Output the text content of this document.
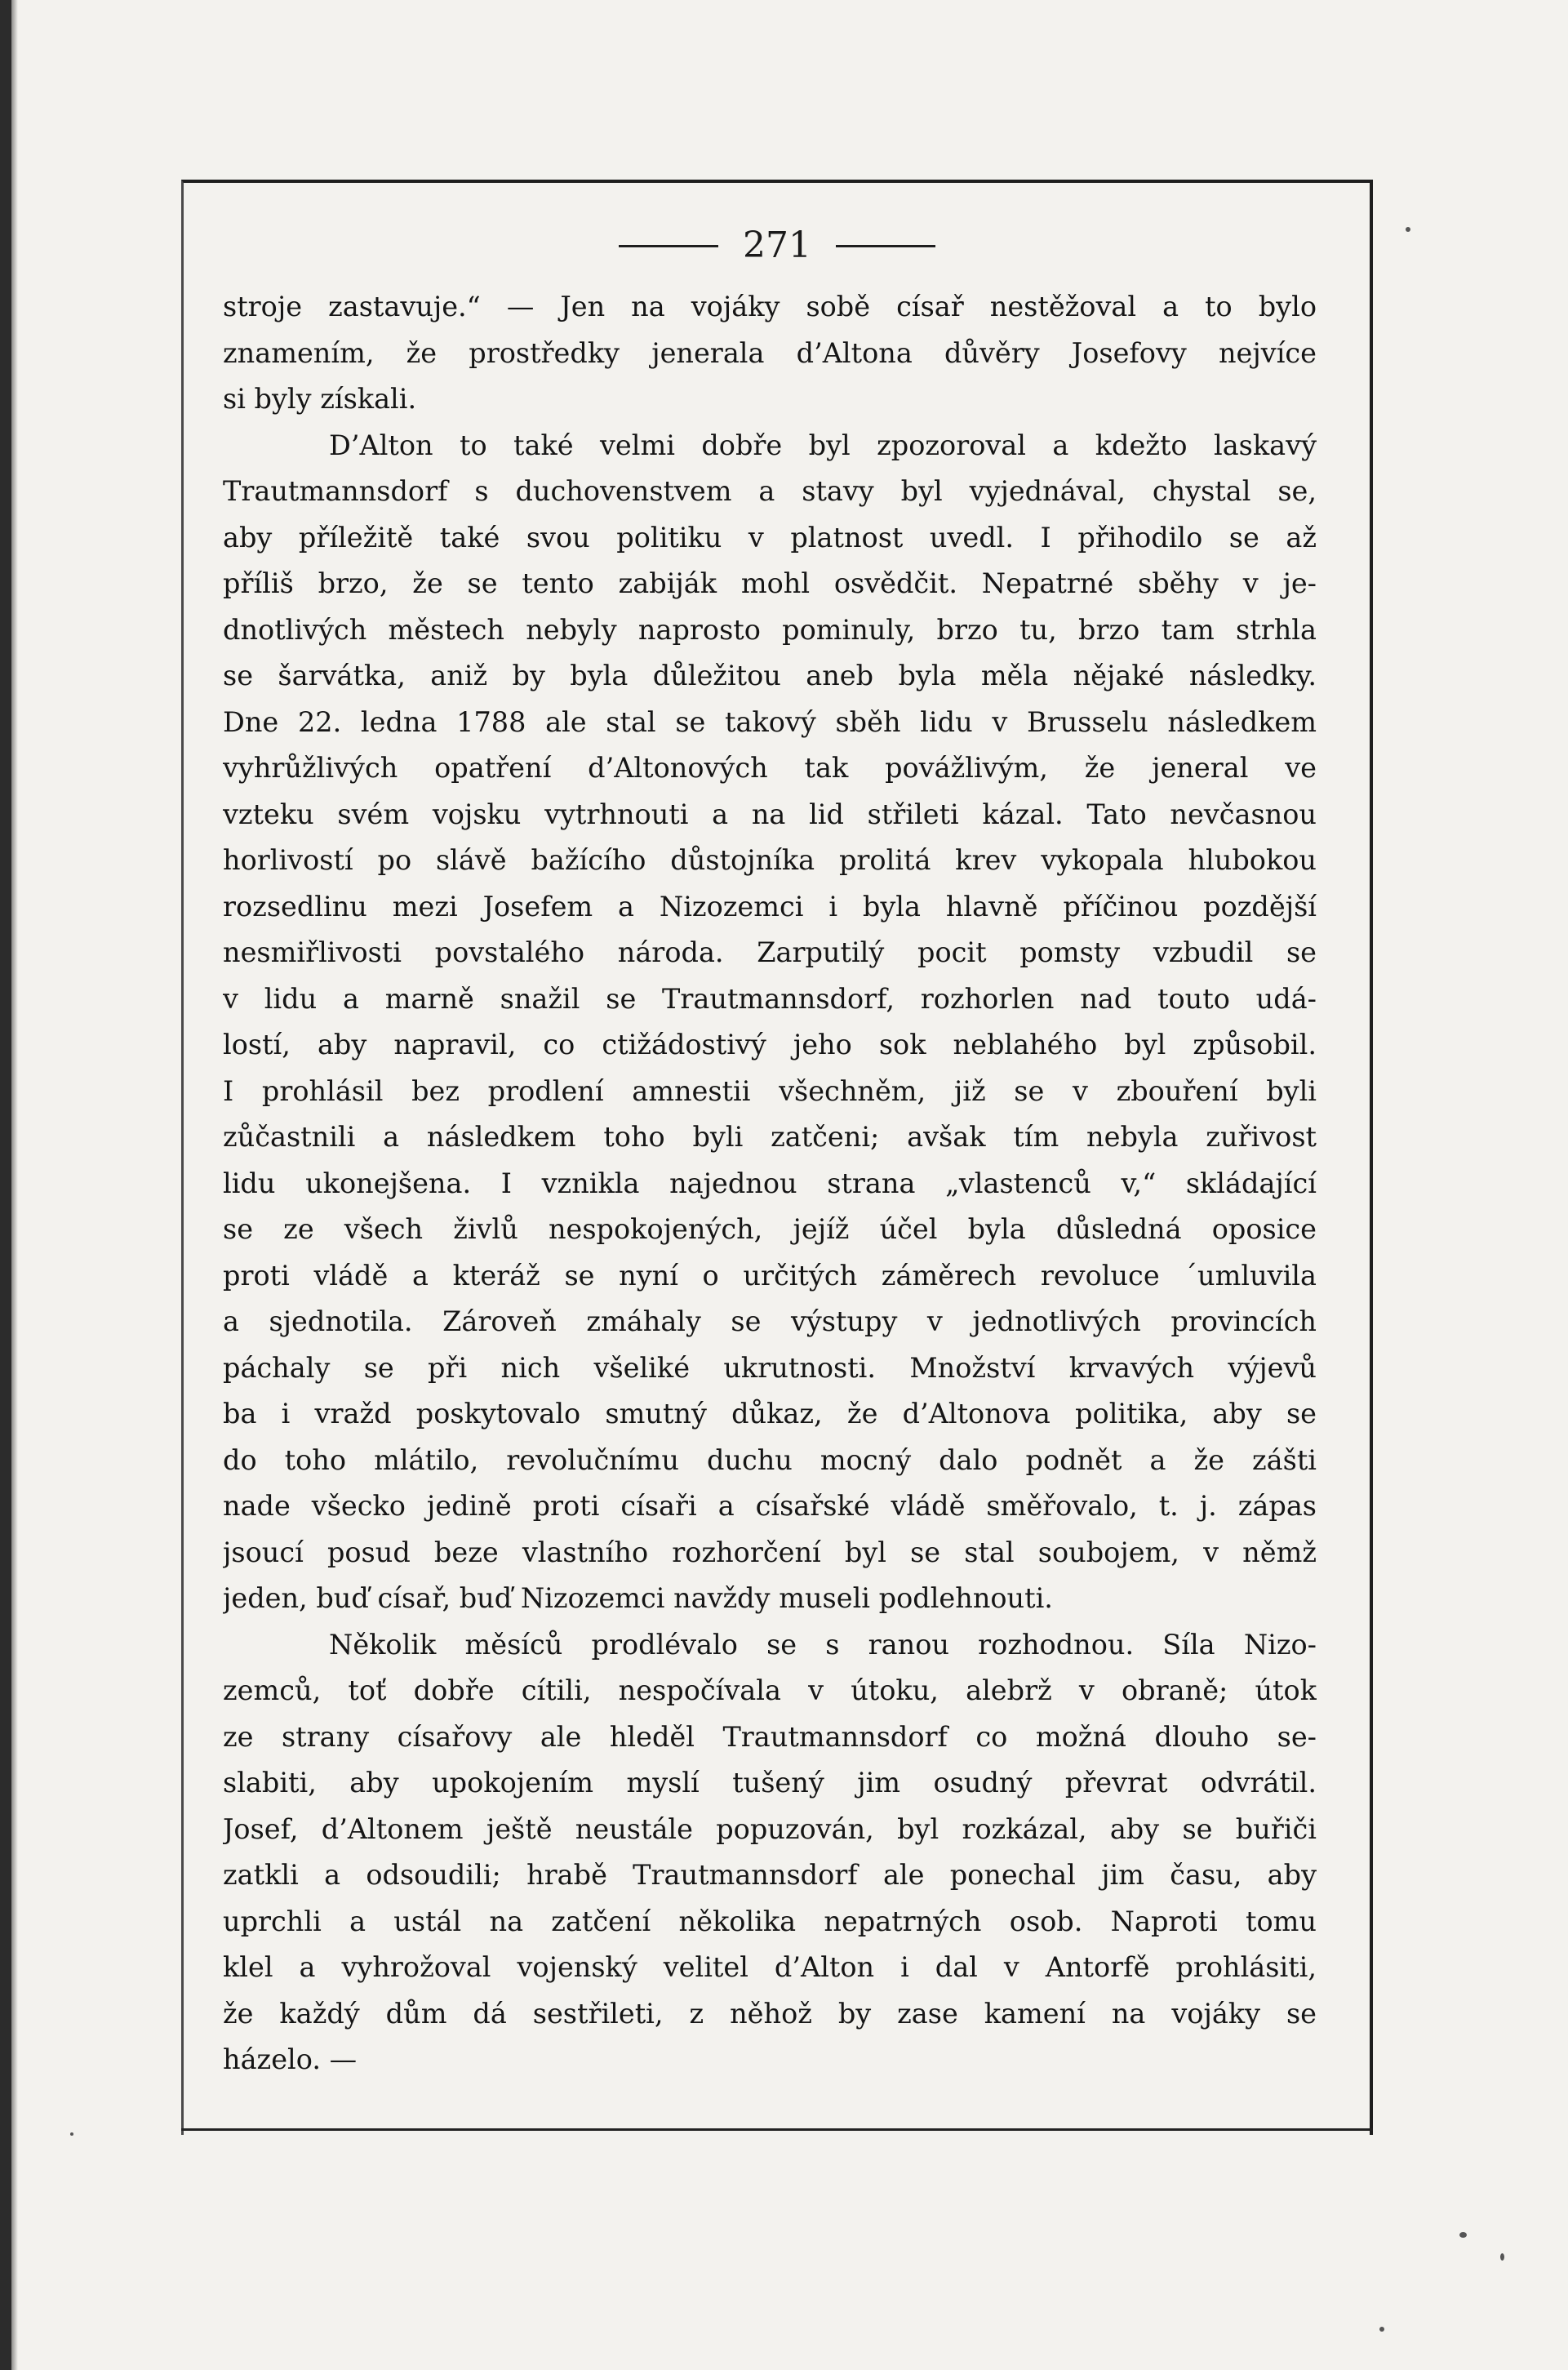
271
stroje zastavuje.“ — Jen na vojáky sobě císař nestěžoval a to bylo
znamením, že prostředky jenerala d’Altona důvěry Josefovy nejvíce
si byly získali.
D’Alton to také velmi dobře byl zpozoroval a kdežto laskavý
Trautmannsdorf s duchovenstvem a stavy byl vyjednával, chystal se,
aby příležitě také svou politiku v platnost uvedl. I přihodilo se až
příliš brzo, že se tento zabiják mohl osvědčit. Nepatrné sběhy v je-
dnotlivých městech nebyly naprosto pominuly, brzo tu, brzo tam strhla
se šarvátka, aniž by byla důležitou aneb byla měla nějaké následky.
Dne 22. ledna 1788 ale stal se takový sběh lidu v Brusselu následkem
vyhrůžlivých opatření d’Altonových tak povážlivým, že jeneral ve
vzteku svém vojsku vytrhnouti a na lid střileti kázal. Tato nevčasnou
horlivostí po slávě bažícího důstojníka prolitá krev vykopala hlubokou
rozsedlinu mezi Josefem a Nizozemci i byla hlavně příčinou pozdější
nesmiřlivosti povstalého národa. Zarputilý pocit pomsty vzbudil se
v lidu a marně snažil se Trautmannsdorf, rozhorlen nad touto udá-
lostí, aby napravil, co ctižádostivý jeho sok neblahého byl způsobil.
I prohlásil bez prodlení amnestii všechněm, již se v zbouření byli
zůčastnili a následkem toho byli zatčeni; avšak tím nebyla zuřivost
lidu ukonejšena. I vznikla najednou strana „vlastenců v,“ skládající
se ze všech živlů nespokojených, jejíž účel byla důsledná oposice
proti vládě a kteráž se nyní o určitých záměrech revoluce ´umluvila
a sjednotila. Zároveň zmáhaly se výstupy v jednotlivých provincích
páchaly se při nich všeliké ukrutnosti. Množství krvavých výjevů
ba i vražd poskytovalo smutný důkaz, že d’Altonova politika, aby se
do toho mlátilo, revolučnímu duchu mocný dalo podnět a že zášti
nade všecko jedině proti císaři a císařské vládě směřovalo, t. j. zápas
jsoucí posud beze vlastního rozhorčení byl se stal soubojem, v němž
jeden, buď císař, buď Nizozemci navždy museli podlehnouti.
Několik měsíců prodlévalo se s ranou rozhodnou. Síla Nizo-
zemců, toť dobře cítili, nespočívala v útoku, alebrž v obraně; útok
ze strany císařovy ale hleděl Trautmannsdorf co možná dlouho se-
slabiti, aby upokojením myslí tušený jim osudný převrat odvrátil.
Josef, d’Altonem ještě neustále popuzován, byl rozkázal, aby se buřiči
zatkli a odsoudili; hrabě Trautmannsdorf ale ponechal jim času, aby
uprchli a ustál na zatčení několika nepatrných osob. Naproti tomu
klel a vyhrožoval vojenský velitel d’Alton i dal v Antorfě prohlásiti,
že každý dům dá sestřileti, z něhož by zase kamení na vojáky se
házelo. —
